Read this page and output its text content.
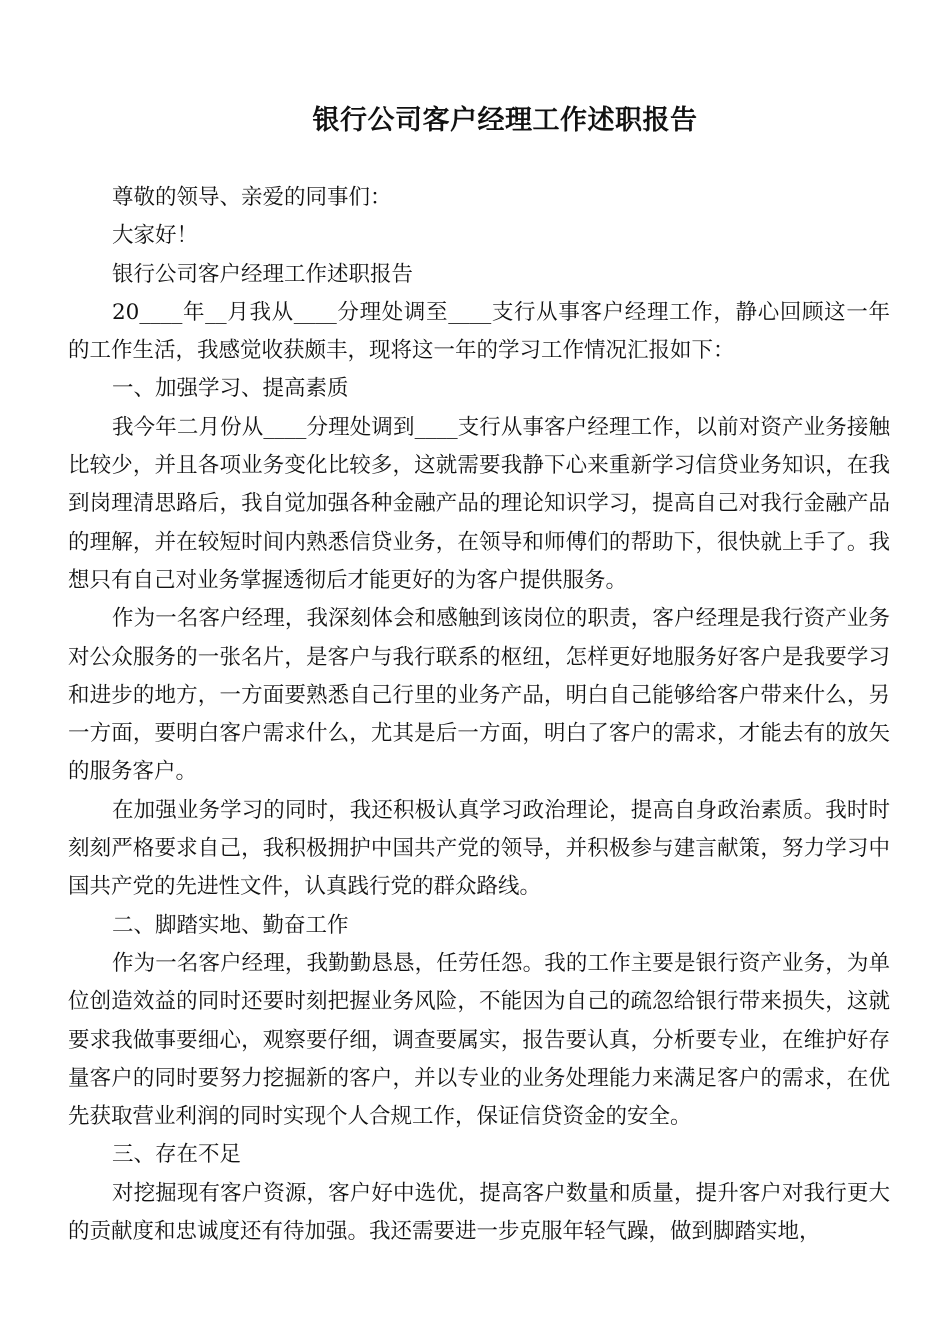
银行公司客户经理工作述职报告

尊敬的领导、亲爱的同事们：

大家好！

银行公司客户经理工作述职报告

20____年__月我从____分理处调至____支行从事客户经理工作，静心回顾这一年的工作生活，我感觉收获颇丰，现将这一年的学习工作情况汇报如下：

一、加强学习、提高素质

我今年二月份从____分理处调到____支行从事客户经理工作，以前对资产业务接触比较少，并且各项业务变化比较多，这就需要我静下心来重新学习信贷业务知识，在我到岗理清思路后，我自觉加强各种金融产品的理论知识学习，提高自己对我行金融产品的理解，并在较短时间内熟悉信贷业务，在领导和师傅们的帮助下，很快就上手了。我想只有自己对业务掌握透彻后才能更好的为客户提供服务。

作为一名客户经理，我深刻体会和感触到该岗位的职责，客户经理是我行资产业务对公众服务的一张名片，是客户与我行联系的枢纽，怎样更好地服务好客户是我要学习和进步的地方，一方面要熟悉自己行里的业务产品，明白自己能够给客户带来什么，另一方面，要明白客户需求什么，尤其是后一方面，明白了客户的需求，才能去有的放矢的服务客户。

在加强业务学习的同时，我还积极认真学习政治理论，提高自身政治素质。我时时刻刻严格要求自己，我积极拥护中国共产党的领导，并积极参与建言献策，努力学习中国共产党的先进性文件，认真践行党的群众路线。

二、脚踏实地、勤奋工作

作为一名客户经理，我勤勤恳恳，任劳任怨。我的工作主要是银行资产业务，为单位创造效益的同时还要时刻把握业务风险，不能因为自己的疏忽给银行带来损失，这就要求我做事要细心，观察要仔细，调查要属实，报告要认真，分析要专业，在维护好存量客户的同时要努力挖掘新的客户，并以专业的业务处理能力来满足客户的需求，在优先获取营业利润的同时实现个人合规工作，保证信贷资金的安全。

三、存在不足

对挖掘现有客户资源，客户好中选优，提高客户数量和质量，提升客户对我行更大的贡献度和忠诚度还有待加强。我还需要进一步克服年轻气躁，做到脚踏实地，
